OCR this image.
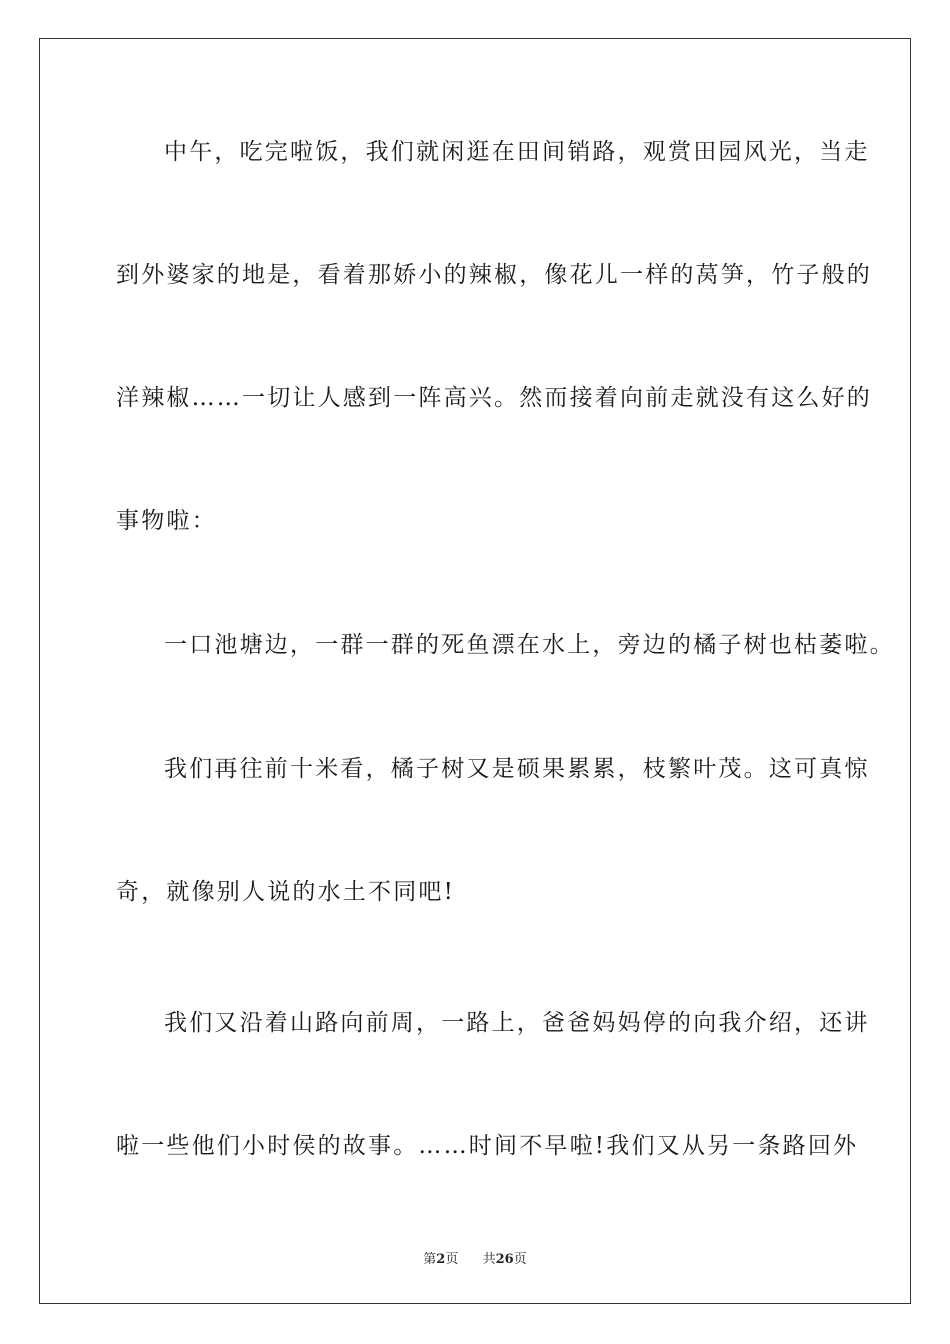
中午，吃完啦饭，我们就闲逛在田间销路，观赏田园风光，当走
到外婆家的地是，看着那娇小的辣椒，像花儿一样的莴笋，竹子般的
洋辣椒……一切让人感到一阵高兴。然而接着向前走就没有这么好的
事物啦：
一口池塘边，一群一群的死鱼漂在水上，旁边的橘子树也枯萎啦。
我们再往前十米看，橘子树又是硕果累累，枝繁叶茂。这可真惊
奇，就像别人说的水土不同吧!
我们又沿着山路向前周，一路上，爸爸妈妈停的向我介绍，还讲
啦一些他们小时侯的故事。……时间不早啦!我们又从另一条路回外
第2页 共26页
